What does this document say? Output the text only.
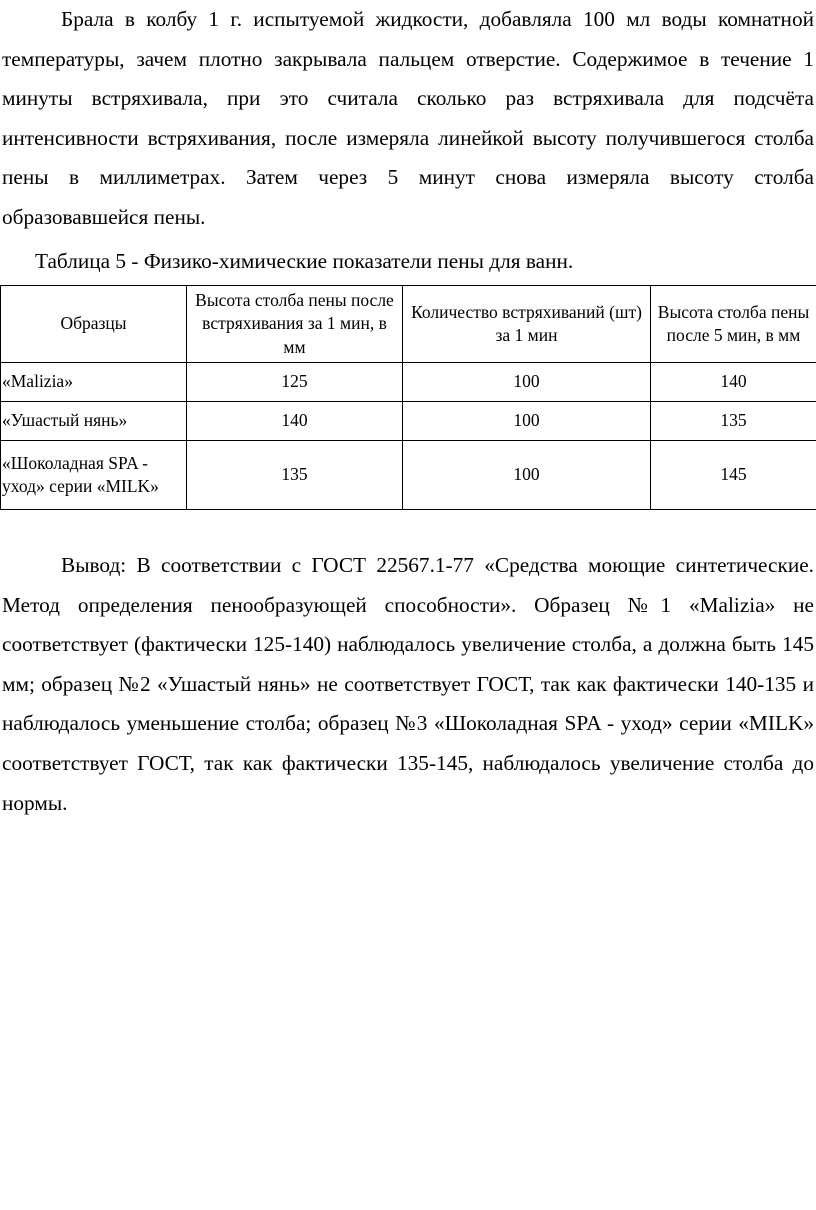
Брала в колбу 1 г. испытуемой жидкости, добавляла 100 мл воды комнатной температуры, зачем плотно закрывала пальцем отверстие. Содержимое в течение 1 минуты встряхивала, при это считала сколько раз встряхивала для подсчёта интенсивности встряхивания, после измеряла линейкой высоту получившегося столба пены в миллиметрах. Затем через 5 минут снова измеряла высоту столба образовавшейся пены.

Таблица 5 - Физико-химические показатели пены для ванн.

Образцы	Высота столба пены после встряхивания за 1 мин, в мм	Количество встряхиваний (шт) за 1 мин	Высота столба пены после 5 мин, в мм
«Malizia»	125	100	140
«Ушастый нянь»	140	100	135
«Шоколадная SPA - уход» серии «MILK»	135	100	145

Вывод: В соответствии с ГОСТ 22567.1-77 «Средства моющие синтетические. Метод определения пенообразующей способности». Образец №1 «Malizia» не соответствует (фактически 125-140) наблюдалось увеличение столба, а должна быть 145 мм; образец №2 «Ушастый нянь» не соответствует ГОСТ, так как фактически 140-135 и наблюдалось уменьшение столба; образец №3 «Шоколадная SPA - уход» серии «MILK» соответствует ГОСТ, так как фактически 135-145, наблюдалось увеличение столба до нормы.
